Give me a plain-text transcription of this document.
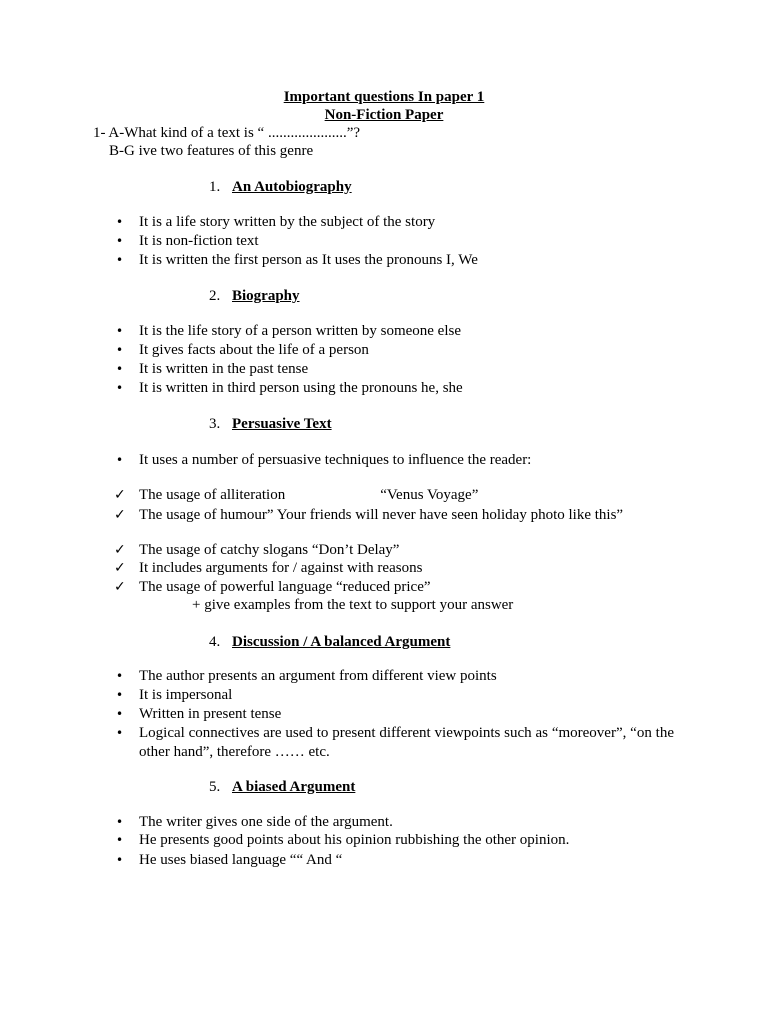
Important questions In paper 1
Non-Fiction Paper
1- A-What kind of a text is “ .....................”?
B-G ive two features of this genre
1. An Autobiography
• It is a life story written by the subject of the story
• It is non-fiction text
• It is written the first person as It uses the pronouns I, We
2. Biography
• It is the life story of a person written by someone else
• It gives facts about the life of a person
• It is written in the past tense
• It is written in third person using the pronouns he, she
3. Persuasive Text
• It uses a number of persuasive techniques to influence the reader:
✓ The usage of alliteration	“Venus Voyage”
✓ The usage of humour” Your friends will never have seen holiday photo like this”
✓ The usage of catchy slogans “Don’t Delay”
✓ It includes arguments for / against with reasons
✓ The usage of powerful language “reduced price”
+ give examples from the text to support your answer
4. Discussion / A balanced Argument
• The author presents an argument from different view points
• It is impersonal
• Written in present tense
• Logical connectives are used to present different viewpoints such as “moreover”, “on the other hand”, therefore …… etc.
5. A biased Argument
• The writer gives one side of the argument.
• He presents good points about his opinion rubbishing the other opinion.
• He uses biased language ““ And “
